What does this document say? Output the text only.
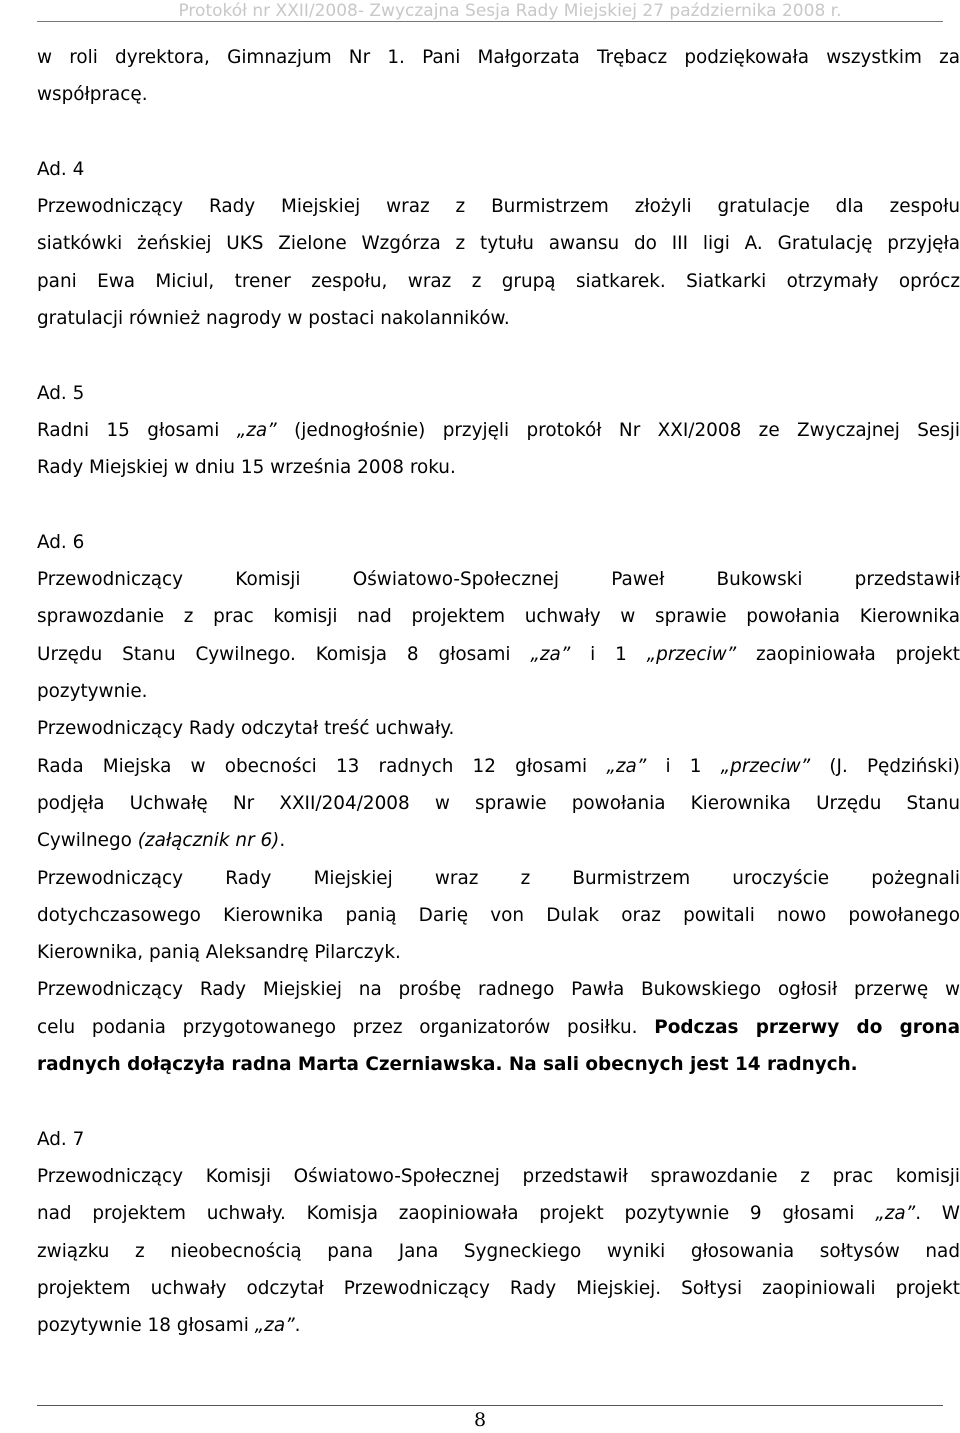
Protokół nr XXII/2008- Zwyczajna Sesja Rady Miejskiej 27 października 2008 r.
w roli dyrektora, Gimnazjum Nr 1. Pani Małgorzata Trębacz podziękowała wszystkim za
współpracę.
Ad. 4
Przewodniczący Rady Miejskiej wraz z Burmistrzem złożyli gratulacje dla zespołu
siatkówki żeńskiej UKS Zielone Wzgórza z tytułu awansu do III ligi A. Gratulację przyjęła
pani Ewa Miciul, trener zespołu, wraz z grupą siatkarek. Siatkarki otrzymały oprócz
gratulacji również nagrody w postaci nakolanników.
Ad. 5
Radni 15 głosami „za” (jednogłośnie) przyjęli protokół Nr XXI/2008 ze Zwyczajnej Sesji
Rady Miejskiej w dniu 15 września 2008 roku.
Ad. 6
Przewodniczący Komisji Oświatowo-Społecznej Paweł Bukowski przedstawił
sprawozdanie z prac komisji nad projektem uchwały w sprawie powołania Kierownika
Urzędu Stanu Cywilnego. Komisja 8 głosami „za” i 1 „przeciw” zaopiniowała projekt
pozytywnie.
Przewodniczący Rady odczytał treść uchwały.
Rada Miejska w obecności 13 radnych 12 głosami „za” i 1 „przeciw” (J. Pędziński)
podjęła Uchwałę Nr XXII/204/2008 w sprawie powołania Kierownika Urzędu Stanu
Cywilnego (załącznik nr 6).
Przewodniczący Rady Miejskiej wraz z Burmistrzem uroczyście pożegnali
dotychczasowego Kierownika panią Darię von Dulak oraz powitali nowo powołanego
Kierownika, panią Aleksandrę Pilarczyk.
Przewodniczący Rady Miejskiej na prośbę radnego Pawła Bukowskiego ogłosił przerwę w
celu podania przygotowanego przez organizatorów posiłku. Podczas przerwy do grona
radnych dołączyła radna Marta Czerniawska. Na sali obecnych jest 14 radnych.
Ad. 7
Przewodniczący Komisji Oświatowo-Społecznej przedstawił sprawozdanie z prac komisji
nad projektem uchwały. Komisja zaopiniowała projekt pozytywnie 9 głosami „za”. W
związku z nieobecnością pana Jana Sygneckiego wyniki głosowania sołtysów nad
projektem uchwały odczytał Przewodniczący Rady Miejskiej. Sołtysi zaopiniowali projekt
pozytywnie 18 głosami „za”.
8
